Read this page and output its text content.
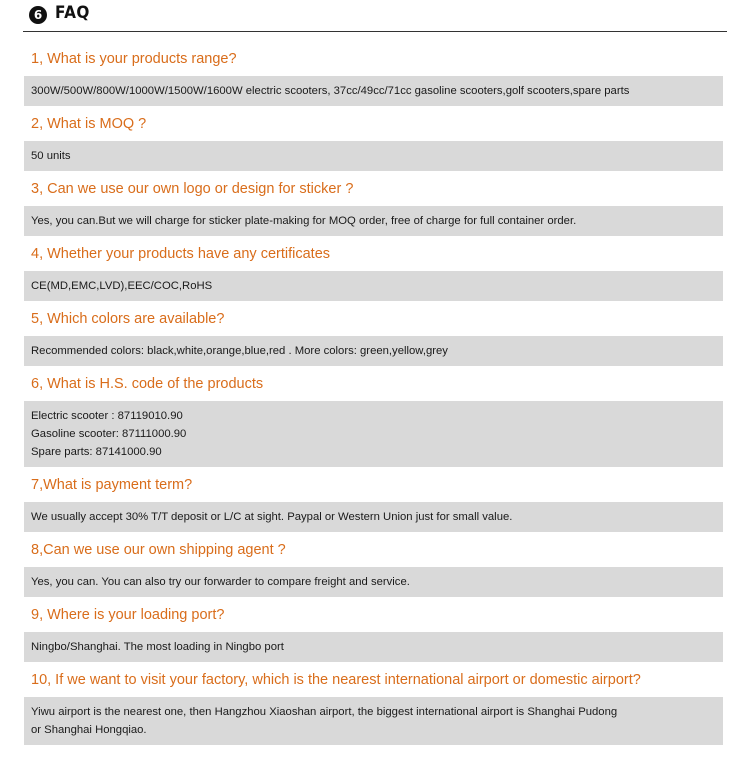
6 FAQ
1, What is your products range?
300W/500W/800W/1000W/1500W/1600W electric scooters, 37cc/49cc/71cc gasoline scooters,golf scooters,spare parts
2, What is MOQ ?
50 units
3, Can we use our own logo or design for sticker ?
Yes, you can.But we will charge for sticker plate-making for MOQ order, free of charge for full container order.
4, Whether your products have any certificates
CE(MD,EMC,LVD),EEC/COC,RoHS
5, Which colors are available?
Recommended colors: black,white,orange,blue,red . More colors: green,yellow,grey
6, What is H.S. code of the products
Electric scooter : 87119010.90
Gasoline scooter: 87111000.90
Spare parts: 87141000.90
7,What is payment term?
We usually accept 30% T/T deposit or L/C at sight. Paypal or Western Union just for small value.
8,Can we use our own shipping agent ?
Yes, you can. You can also try our forwarder to compare freight and service.
9, Where is your loading port?
Ningbo/Shanghai. The most loading in Ningbo port
10, If we want to visit your factory, which is the nearest international airport or domestic airport?
Yiwu airport is the nearest one, then Hangzhou Xiaoshan airport, the biggest international airport is Shanghai Pudong
or Shanghai Hongqiao.
